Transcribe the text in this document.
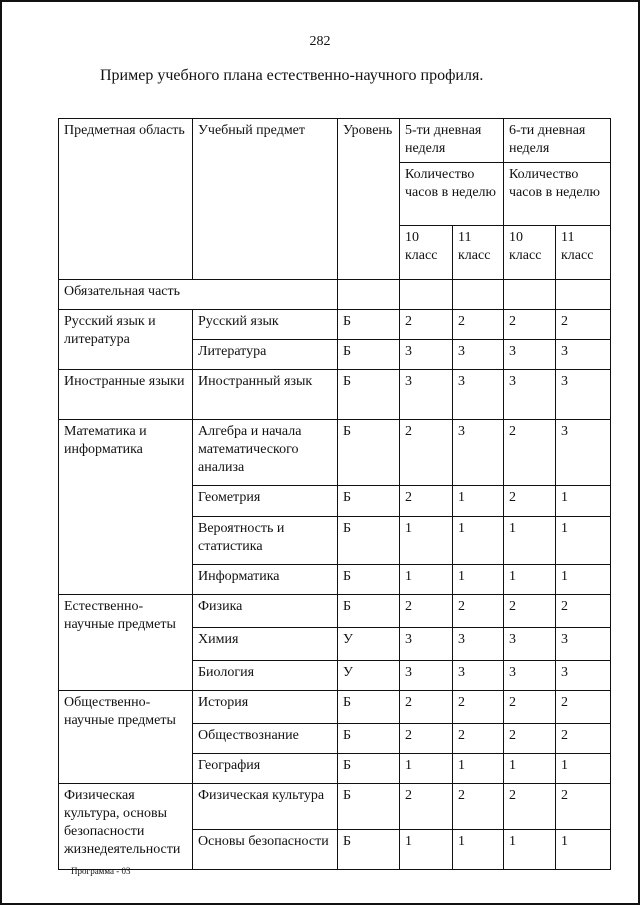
282
Пример учебного плана естественно-научного профиля.
Предметная область	Учебный предмет	Уровень	5-ти дневная неделя		6-ти дневная неделя	
			Количество часов в неделю		Количество часов в неделю	
			10 класс	11 класс	10 класс	11 класс
Обязательная часть						
Русский язык и литература	Русский язык	Б	2	2	2	2
	Литература	Б	3	3	3	3
Иностранные языки	Иностранный язык	Б	3	3	3	3
Математика и информатика	Алгебра и начала математического анализа	Б	2	3	2	3
	Геометрия	Б	2	1	2	1
	Вероятность и статистика	Б	1	1	1	1
	Информатика	Б	1	1	1	1
Естественно-научные предметы	Физика	Б	2	2	2	2
	Химия	У	3	3	3	3
	Биология	У	3	3	3	3
Общественно-научные предметы	История	Б	2	2	2	2
	Обществознание	Б	2	2	2	2
	География	Б	1	1	1	1
Физическая культура, основы безопасности жизнедеятельности	Физическая культура	Б	2	2	2	2
	Основы безопасности	Б	1	1	1	1
Программа - 03
